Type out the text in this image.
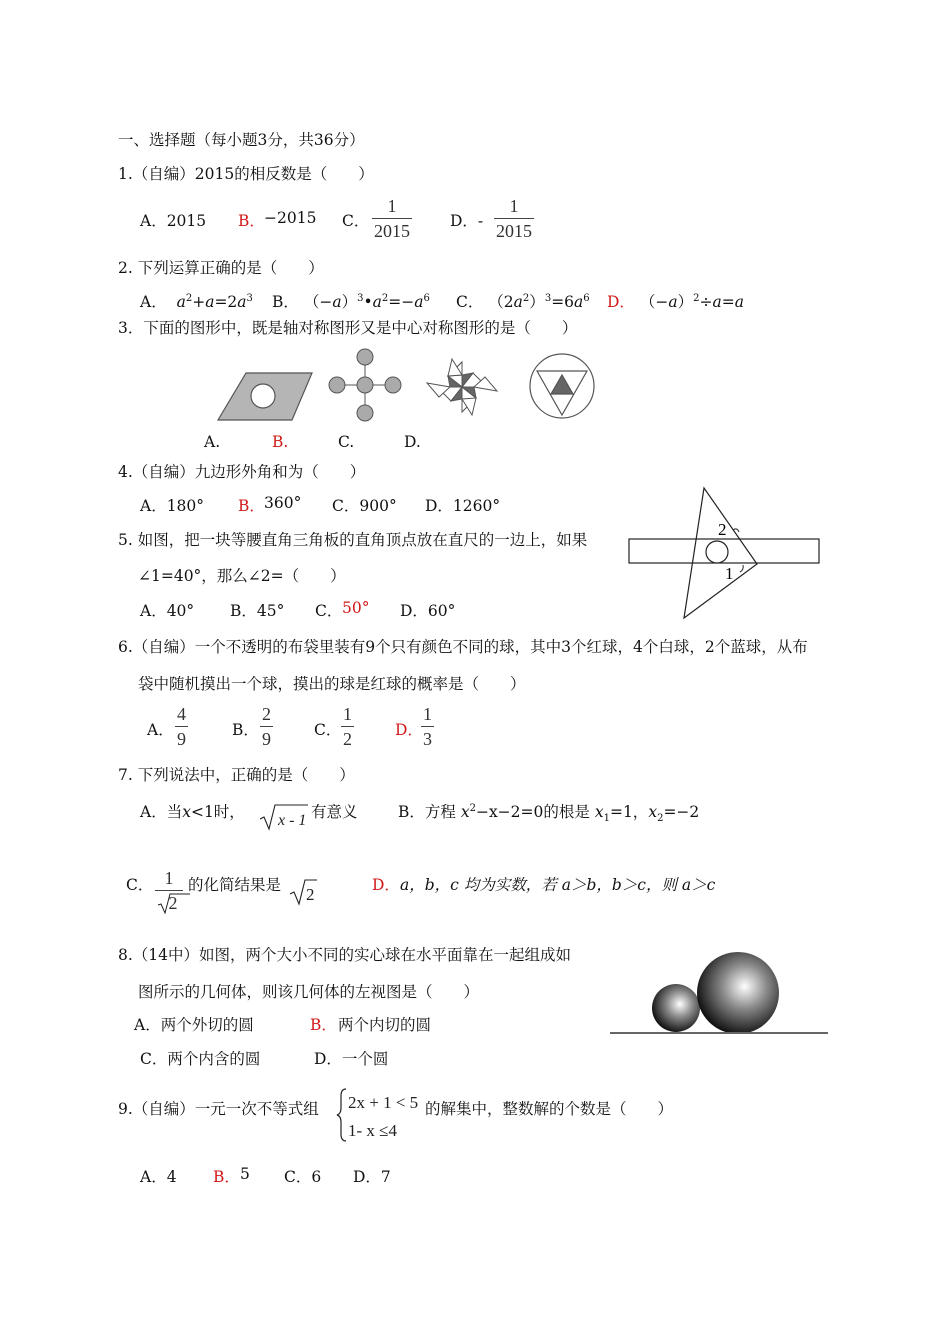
一、选择题（每小题3分，共36分）
1.（自编）2015的相反数是（　　）
A．2015 B． −2015 C．
1
2015	D．-
1
2015
2. 下列运算正确的是（　　）
A． $a^2+a=2a^3$ B． $(-a)^3•a^2=-a^6$ C． $(2a^2)^3=6a^6$ D． $(-a)^2\div a=a$
3．下面的图形中，既是轴对称图形又是中心对称图形的是（　　）
A.	B.	C.	D.
4.（自编）九边形外角和为（　　）
A．180° B． 360° C．900° D．1260°
5. 如图，把一块等腰直角三角板的直角顶点放在直尺的一边上，如果
∠1=40°，那么∠2=（　　）
A．40° B．45° C． 50° D．60°
2
1
6.（自编）一个不透明的布袋里装有9个只有颜色不同的球，其中3个红球，4个白球，2个蓝球，从布
袋中随机摸出一个球，摸出的球是红球的概率是（　　）
A．
4
9	B．
2
9	C．
1
2	D．
1
3
7. 下列说法中，正确的是（　　）
A．当x<1时， x - 1 有意义	B．方程 $x^2-x-2=0$的根是 $x_1=1$，$x_2=-2$
C． 1
2
的化简结果是 2	D． a，b，c 均为实数，若 a＞b，b＞c，则 a＞c
8.（14中）如图，两个大小不同的实心球在水平面靠在一起组成如
图所示的几何体，则该几何体的左视图是（　　）
A．两个外切的圆	B． 两个内切的圆
C．两个内含的圆	D．一个圆
9.（自编）一元一次不等式组 2x + 1 < 5
1- x ≤4
的解集中，整数解的个数是（　　）
A．4 B． 5 C．6 D．7
